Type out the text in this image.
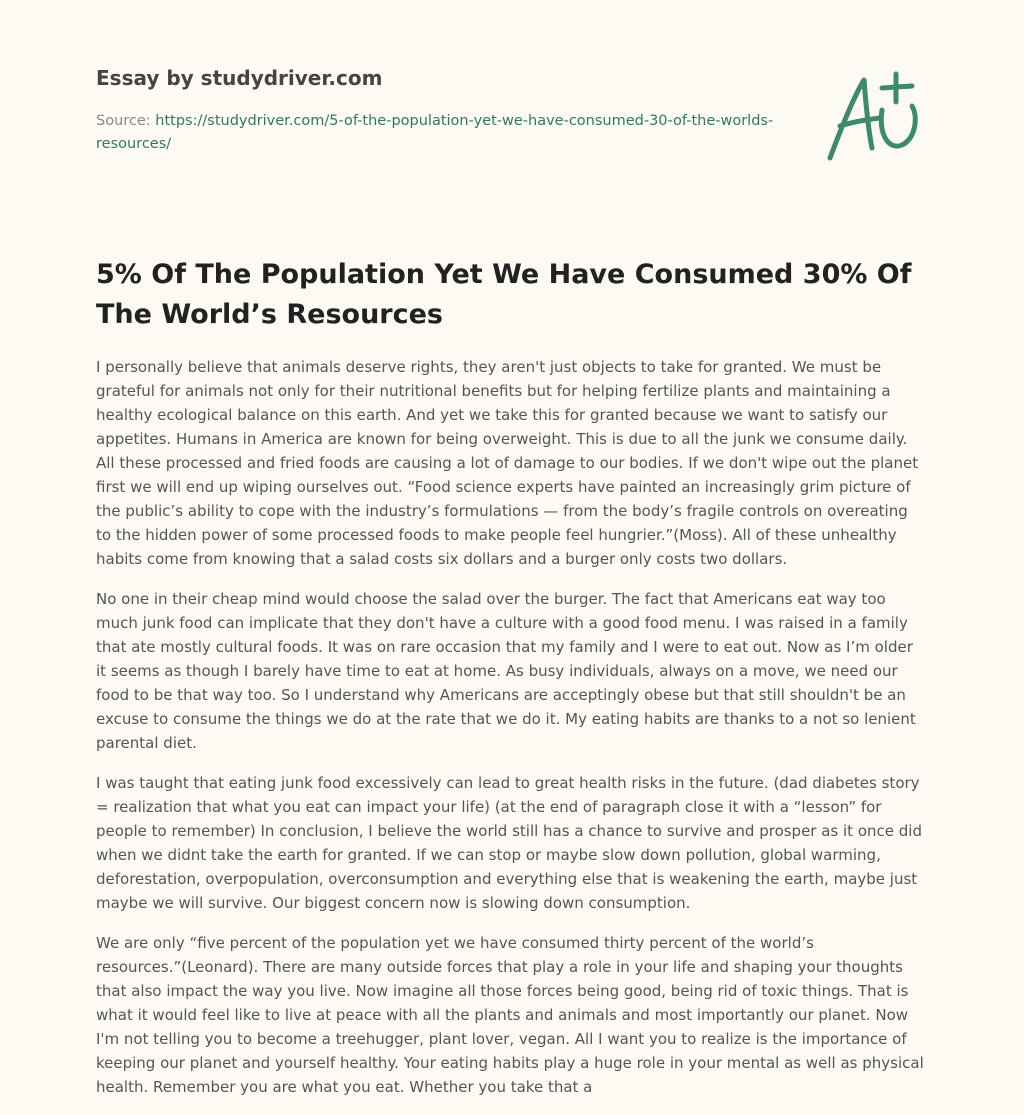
Essay by studydriver.com
Source: https://studydriver.com/5-of-the-population-yet-we-have-consumed-30-of-the-worlds-resources/
5% Of The Population Yet We Have Consumed 30% Of The World’s Resources

I personally believe that animals deserve rights, they aren't just objects to take for granted. We must be grateful for animals not only for their nutritional benefits but for helping fertilize plants and maintaining a healthy ecological balance on this earth. And yet we take this for granted because we want to satisfy our appetites. Humans in America are known for being overweight. This is due to all the junk we consume daily. All these processed and fried foods are causing a lot of damage to our bodies. If we don't wipe out the planet first we will end up wiping ourselves out. “Food science experts have painted an increasingly grim picture of the public’s ability to cope with the industry’s formulations — from the body’s fragile controls on overeating to the hidden power of some processed foods to make people feel hungrier.”(Moss). All of these unhealthy habits come from knowing that a salad costs six dollars and a burger only costs two dollars.

No one in their cheap mind would choose the salad over the burger. The fact that Americans eat way too much junk food can implicate that they don't have a culture with a good food menu. I was raised in a family that ate mostly cultural foods. It was on rare occasion that my family and I were to eat out. Now as I’m older it seems as though I barely have time to eat at home. As busy individuals, always on a move, we need our food to be that way too. So I understand why Americans are acceptingly obese but that still shouldn't be an excuse to consume the things we do at the rate that we do it. My eating habits are thanks to a not so lenient parental diet.

I was taught that eating junk food excessively can lead to great health risks in the future. (dad diabetes story = realization that what you eat can impact your life) (at the end of paragraph close it with a “lesson” for people to remember) In conclusion, I believe the world still has a chance to survive and prosper as it once did when we didnt take the earth for granted. If we can stop or maybe slow down pollution, global warming, deforestation, overpopulation, overconsumption and everything else that is weakening the earth, maybe just maybe we will survive. Our biggest concern now is slowing down consumption.

We are only “five percent of the population yet we have consumed thirty percent of the world’s resources.”(Leonard). There are many outside forces that play a role in your life and shaping your thoughts that also impact the way you live. Now imagine all those forces being good, being rid of toxic things. That is what it would feel like to live at peace with all the plants and animals and most importantly our planet. Now I'm not telling you to become a treehugger, plant lover, vegan. All I want you to realize is the importance of keeping our planet and yourself healthy. Your eating habits play a huge role in your mental as well as physical health. Remember you are what you eat. Whether you take that a
